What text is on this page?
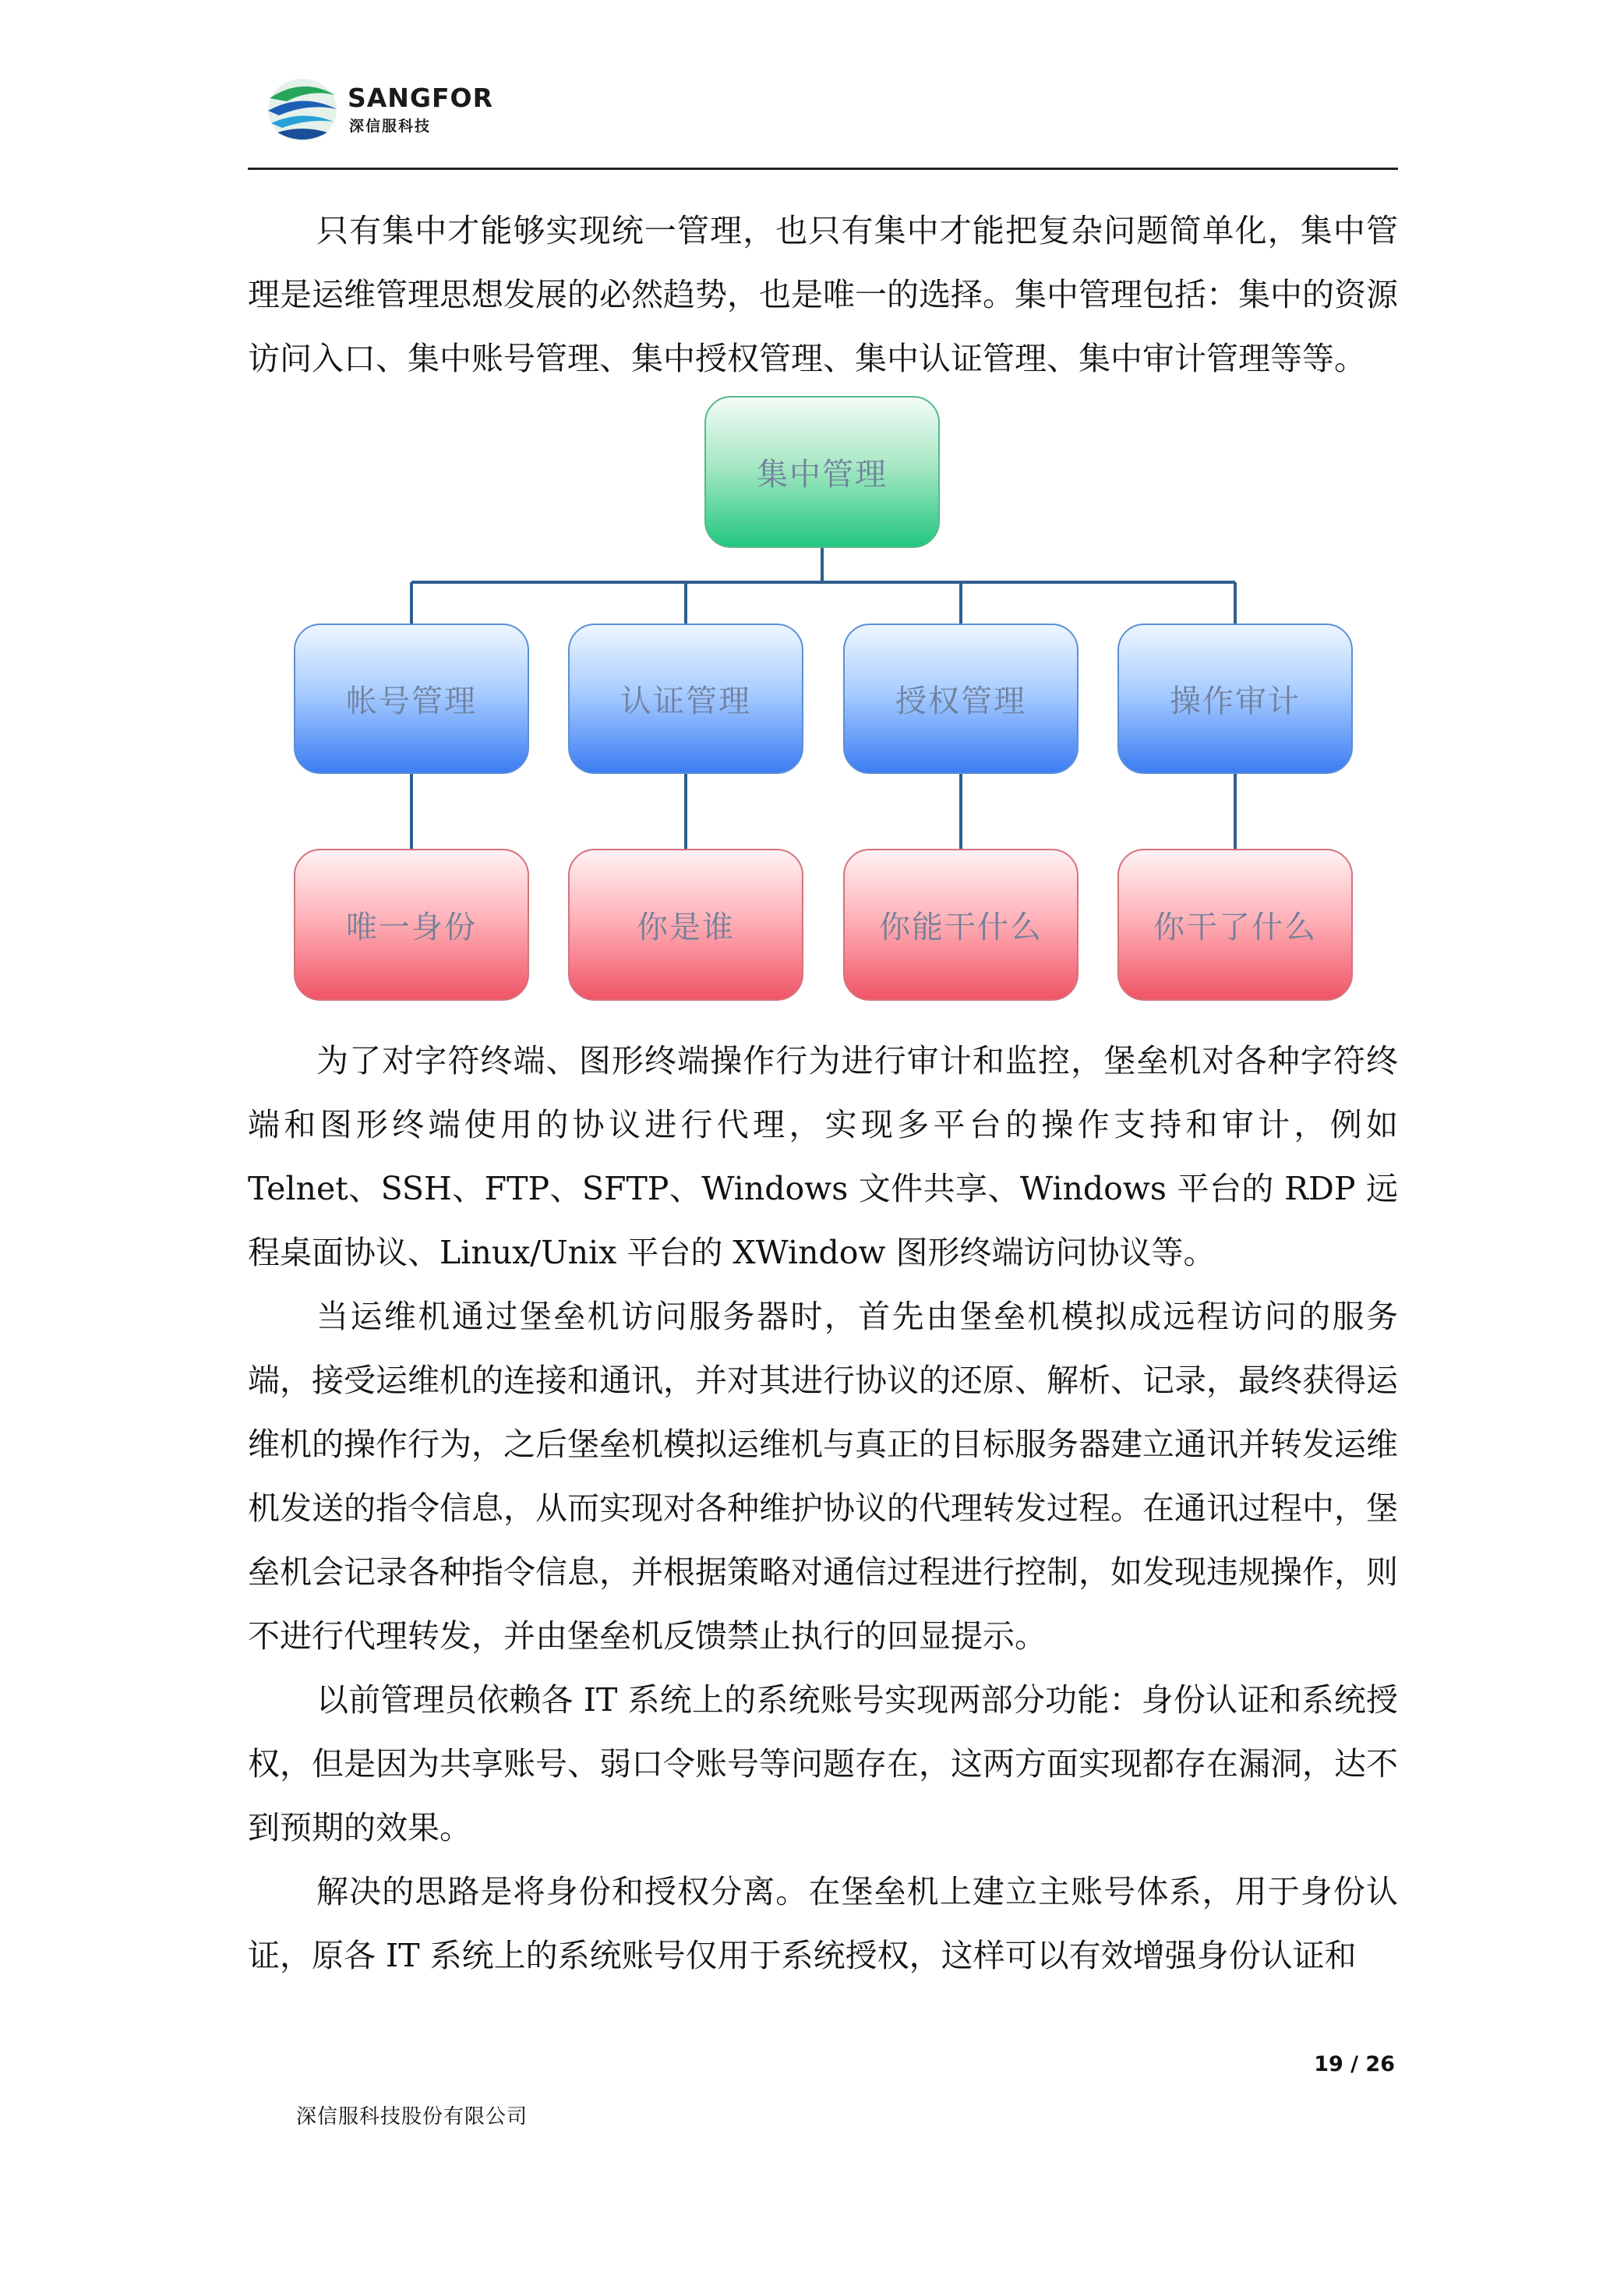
SANGFOR
深信服科技

只有集中才能够实现统一管理，也只有集中才能把复杂问题简单化，集中管理是运维管理思想发展的必然趋势，也是唯一的选择。集中管理包括：集中的资源访问入口、集中账号管理、集中授权管理、集中认证管理、集中审计管理等等。

集中管理
帐号管理	认证管理	授权管理	操作审计
唯一身份	你是谁	你能干什么	你干了什么

为了对字符终端、图形终端操作行为进行审计和监控，堡垒机对各种字符终端和图形终端使用的协议进行代理，实现多平台的操作支持和审计，例如 Telnet、SSH、FTP、SFTP、Windows 文件共享、Windows 平台的 RDP 远程桌面协议、Linux/Unix 平台的 XWindow 图形终端访问协议等。

当运维机通过堡垒机访问服务器时，首先由堡垒机模拟成远程访问的服务端，接受运维机的连接和通讯，并对其进行协议的还原、解析、记录，最终获得运维机的操作行为，之后堡垒机模拟运维机与真正的目标服务器建立通讯并转发运维机发送的指令信息，从而实现对各种维护协议的代理转发过程。在通讯过程中，堡垒机会记录各种指令信息，并根据策略对通信过程进行控制，如发现违规操作，则不进行代理转发，并由堡垒机反馈禁止执行的回显提示。

以前管理员依赖各 IT 系统上的系统账号实现两部分功能：身份认证和系统授权，但是因为共享账号、弱口令账号等问题存在，这两方面实现都存在漏洞，达不到预期的效果。

解决的思路是将身份和授权分离。在堡垒机上建立主账号体系，用于身份认证，原各 IT 系统上的系统账号仅用于系统授权，这样可以有效增强身份认证和

19 / 26
深信服科技股份有限公司
